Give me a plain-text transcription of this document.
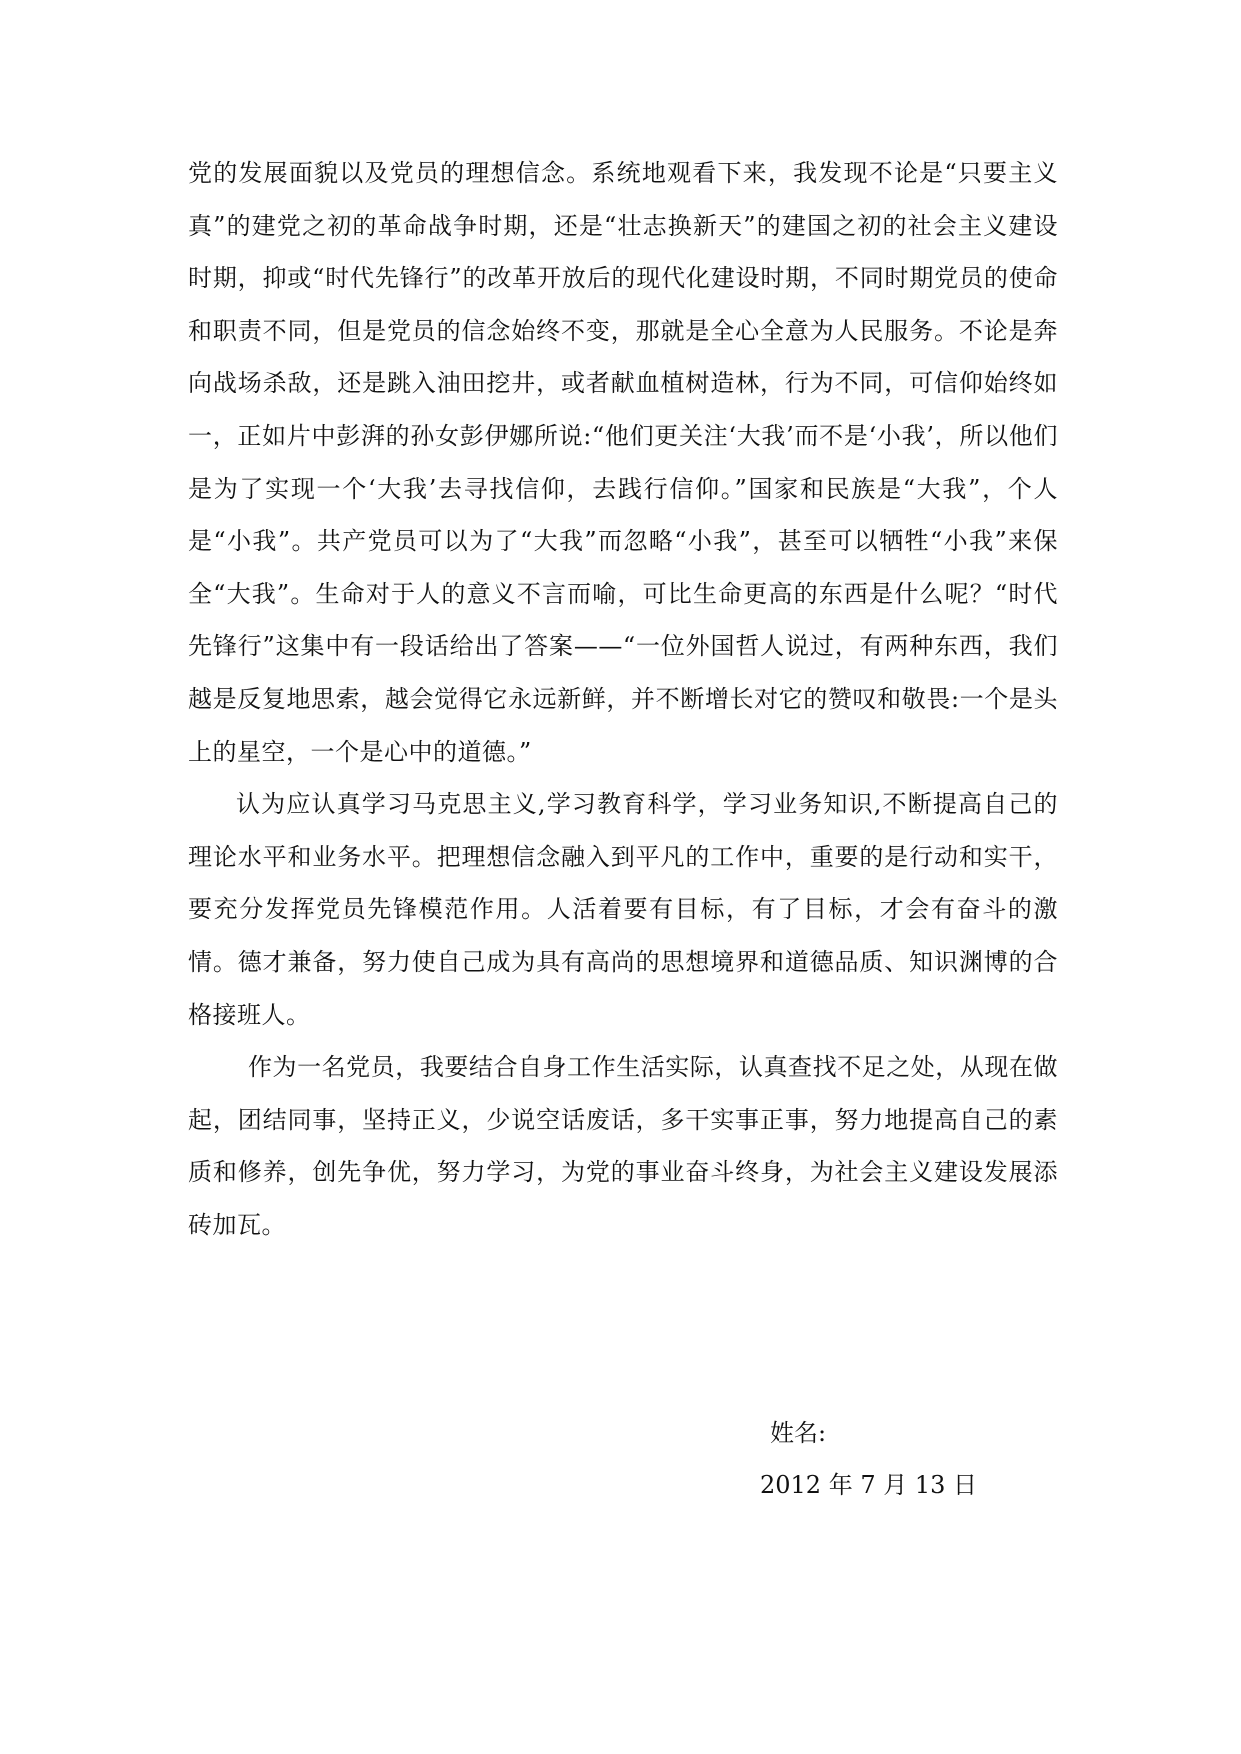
党的发展面貌以及党员的理想信念。系统地观看下来，我发现不论是“只要主义真”的建党之初的革命战争时期，还是“壮志换新天”的建国之初的社会主义建设时期，抑或“时代先锋行”的改革开放后的现代化建设时期，不同时期党员的使命和职责不同，但是党员的信念始终不变，那就是全心全意为人民服务。不论是奔向战场杀敌，还是跳入油田挖井，或者献血植树造林，行为不同，可信仰始终如一，正如片中彭湃的孙女彭伊娜所说:“他们更关注‘大我’而不是‘小我’，所以他们是为了实现一个‘大我’去寻找信仰，去践行信仰。”国家和民族是“大我”，个人是“小我”。共产党员可以为了“大我”而忽略“小我”，甚至可以牺牲“小我”来保全“大我”。生命对于人的意义不言而喻，可比生命更高的东西是什么呢？“时代先锋行”这集中有一段话给出了答案——“一位外国哲人说过，有两种东西，我们越是反复地思索，越会觉得它永远新鲜，并不断增长对它的赞叹和敬畏:一个是头上的星空，一个是心中的道德。”

认为应认真学习马克思主义,学习教育科学，学习业务知识,不断提高自己的理论水平和业务水平。把理想信念融入到平凡的工作中，重要的是行动和实干，要充分发挥党员先锋模范作用。人活着要有目标，有了目标，才会有奋斗的激情。德才兼备，努力使自己成为具有高尚的思想境界和道德品质、知识渊博的合格接班人。

作为一名党员，我要结合自身工作生活实际，认真查找不足之处，从现在做起，团结同事，坚持正义，少说空话废话，多干实事正事，努力地提高自己的素质和修养，创先争优，努力学习，为党的事业奋斗终身，为社会主义建设发展添砖加瓦。

姓名:
2012 年 7 月 13 日
